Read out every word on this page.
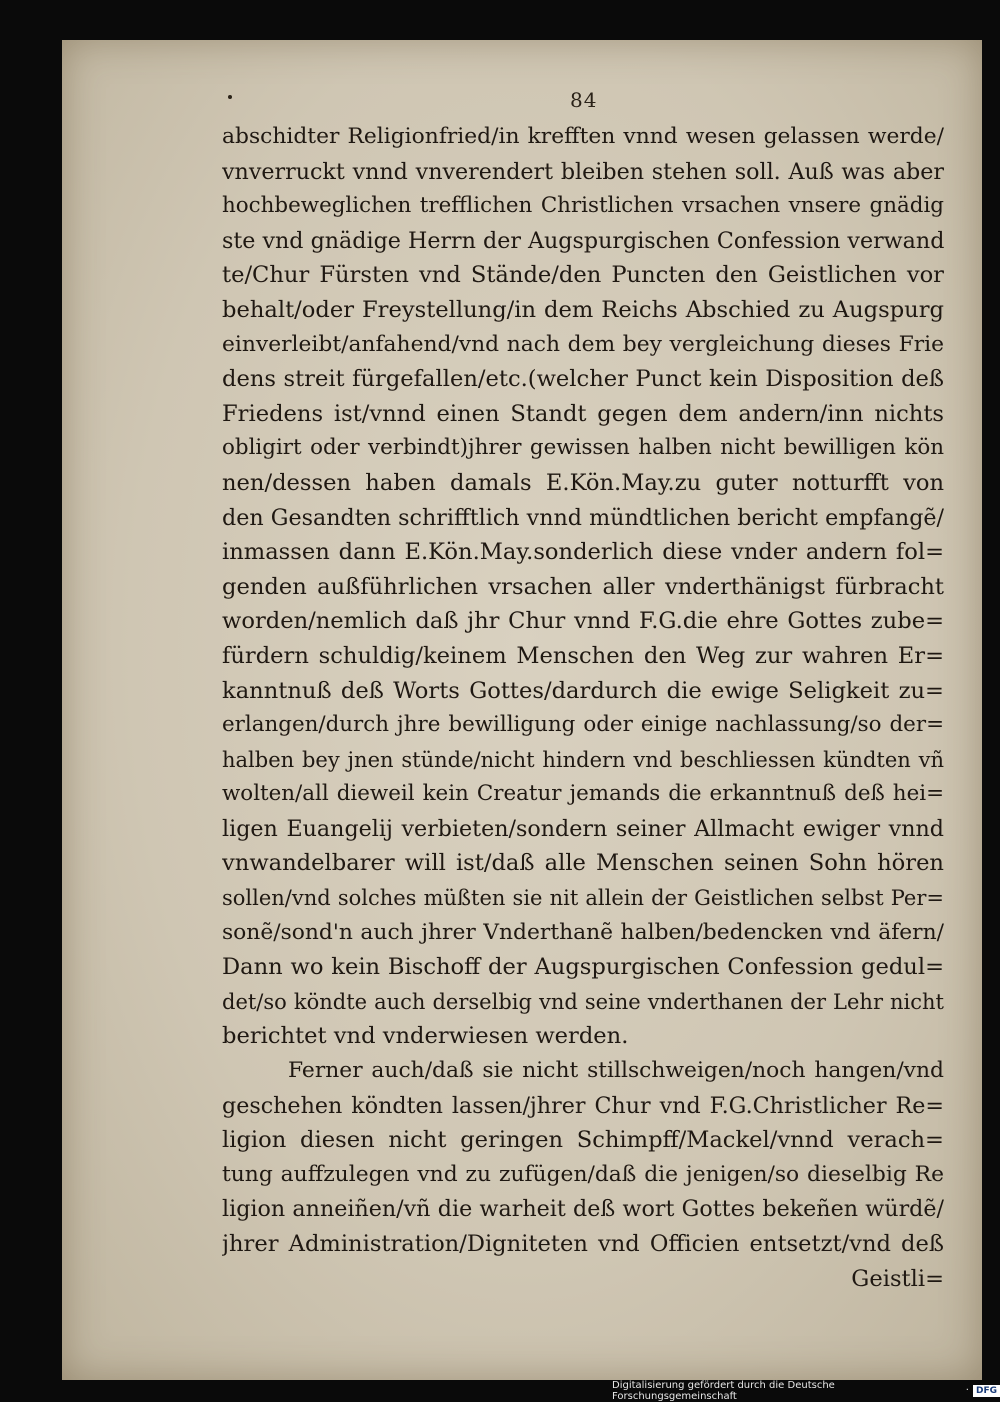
84
abschidter Religionfried/in krefften vnnd wesen gelassen werde/
vnverruckt vnnd vnverendert bleiben stehen soll. Auß was aber
hochbeweglichen trefflichen Christlichen vrsachen vnsere gnädig
ste vnd gnädige Herrn der Augspurgischen Confession verwand
te/Chur Fürsten vnd Stände/den Puncten den Geistlichen vor
behalt/oder Freystellung/in dem Reichs Abschied zu Augspurg
einverleibt/anfahend/vnd nach dem bey vergleichung dieses Frie
dens streit fürgefallen/etc.(welcher Punct kein Disposition deß
Friedens ist/vnnd einen Standt gegen dem andern/inn nichts
obligirt oder verbindt)jhrer gewissen halben nicht bewilligen kön
nen/dessen haben damals E.Kön.May.zu guter notturfft von
den Gesandten schrifftlich vnnd mündtlichen bericht empfangẽ/
inmassen dann E.Kön.May.sonderlich diese vnder andern fol=
genden außführlichen vrsachen aller vnderthänigst fürbracht
worden/nemlich daß jhr Chur vnnd F.G.die ehre Gottes zube=
fürdern schuldig/keinem Menschen den Weg zur wahren Er=
kanntnuß deß Worts Gottes/dardurch die ewige Seligkeit zu=
erlangen/durch jhre bewilligung oder einige nachlassung/so der=
halben bey jnen stünde/nicht hindern vnd beschliessen kündten vñ
wolten/all dieweil kein Creatur jemands die erkanntnuß deß hei=
ligen Euangelij verbieten/sondern seiner Allmacht ewiger vnnd
vnwandelbarer will ist/daß alle Menschen seinen Sohn hören
sollen/vnd solches müßten sie nit allein der Geistlichen selbst Per=
sonẽ/sond'n auch jhrer Vnderthanẽ halben/bedencken vnd äfern/
Dann wo kein Bischoff der Augspurgischen Confession gedul=
det/so köndte auch derselbig vnd seine vnderthanen der Lehr nicht
berichtet vnd vnderwiesen werden.
Ferner auch/daß sie nicht stillschweigen/noch hangen/vnd
geschehen köndten lassen/jhrer Chur vnd F.G.Christlicher Re=
ligion diesen nicht geringen Schimpff/Mackel/vnnd verach=
tung auffzulegen vnd zu zufügen/daß die jenigen/so dieselbig Re
ligion anneiñen/vñ die warheit deß wort Gottes bekeñen würdẽ/
jhrer Administration/Digniteten vnd Officien entsetzt/vnd deß
Geistli=
Digitalisierung gefördert durch die Deutsche Forschungsgemeinschaft	· DFG
